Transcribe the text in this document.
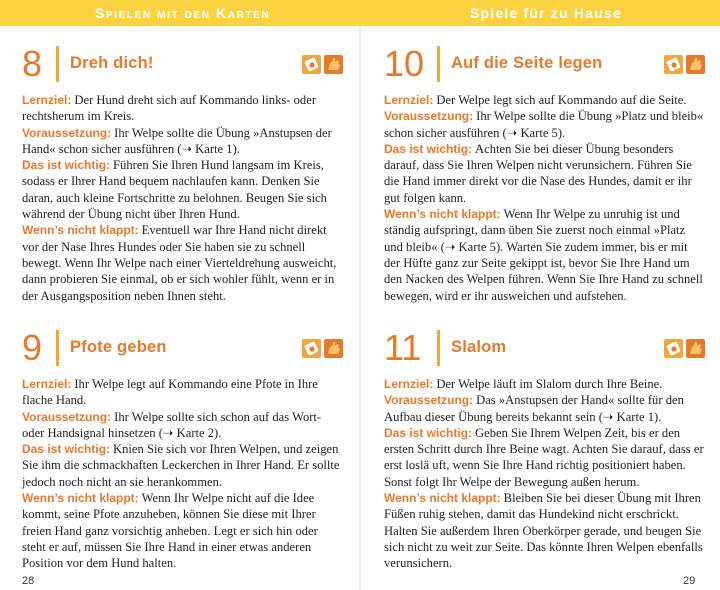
Spielen mit den Karten	Spiele für zu Hause
8 Dreh dich!

Lernziel: Der Hund dreht sich auf Kommando links- oder rechtsherum im Kreis.

Voraussetzung: Ihr Welpe sollte die Übung »Anstupsen der Hand« schon sicher ausführen (➝ Karte 1).

Das ist wichtig: Führen Sie Ihren Hund langsam im Kreis, sodass er Ihrer Hand bequem nachlaufen kann. Denken Sie daran, auch kleine Fortschritte zu belohnen. Beugen Sie sich während der Übung nicht über Ihren Hund.

Wenn’s nicht klappt: Eventuell war Ihre Hand nicht direkt vor der Nase Ihres Hundes oder Sie haben sie zu schnell bewegt. Wenn Ihr Welpe nach einer Vierteldrehung ausweicht, dann probieren Sie einmal, ob er sich wohler fühlt, wenn er in der Ausgangsposition neben Ihnen steht.

10 Auf die Seite legen

Lernziel: Der Welpe legt sich auf Kommando auf die Seite.

Voraussetzung: Ihr Welpe sollte die Übung »Platz und bleib« schon sicher ausführen (➝ Karte 5).

Das ist wichtig: Achten Sie bei dieser Übung besonders darauf, dass Sie Ihren Welpen nicht verunsichern. Führen Sie die Hand immer direkt vor die Nase des Hundes, damit er ihr gut folgen kann.

Wenn’s nicht klappt: Wenn Ihr Welpe zu unruhig ist und ständig aufspringt, dann üben Sie zuerst noch einmal »Platz und bleib« (➝ Karte 5). Warten Sie zudem immer, bis er mit der Hüfte ganz zur Seite gekippt ist, bevor Sie Ihre Hand um den Nacken des Welpen führen. Wenn Sie Ihre Hand zu schnell bewegen, wird er ihr ausweichen und aufstehen.

9 Pfote geben

Lernziel: Ihr Welpe legt auf Kommando eine Pfote in Ihre flache Hand.

Voraussetzung: Ihr Welpe sollte sich schon auf das Wort- oder Handsignal hinsetzen (➝ Karte 2).

Das ist wichtig: Knien Sie sich vor Ihren Welpen, und zeigen Sie ihm die schmackhaften Leckerchen in Ihrer Hand. Er sollte jedoch noch nicht an sie herankommen.

Wenn’s nicht klappt: Wenn Ihr Welpe nicht auf die Idee kommt, seine Pfote anzuheben, können Sie diese mit Ihrer freien Hand ganz vorsichtig anheben. Legt er sich hin oder steht er auf, müssen Sie Ihre Hand in einer etwas anderen Position vor dem Hund halten.

11 Slalom

Lernziel: Der Welpe läuft im Slalom durch Ihre Beine.

Voraussetzung: Das »Anstupsen der Hand« sollte für den Aufbau dieser Übung bereits bekannt sein (➝ Karte 1).

Das ist wichtig: Geben Sie Ihrem Welpen Zeit, bis er den ersten Schritt durch Ihre Beine wagt. Achten Sie darauf, dass er erst loslä uft, wenn Sie Ihre Hand richtig positioniert haben. Sonst folgt Ihr Welpe der Bewegung außen herum.

Wenn’s nicht klappt: Bleiben Sie bei dieser Übung mit Ihren Füßen ruhig stehen, damit das Hundekind nicht erschrickt. Halten Sie außerdem Ihren Oberkörper gerade, und beugen Sie sich nicht zu weit zur Seite. Das könnte Ihren Welpen ebenfalls verunsichern.

28	29
